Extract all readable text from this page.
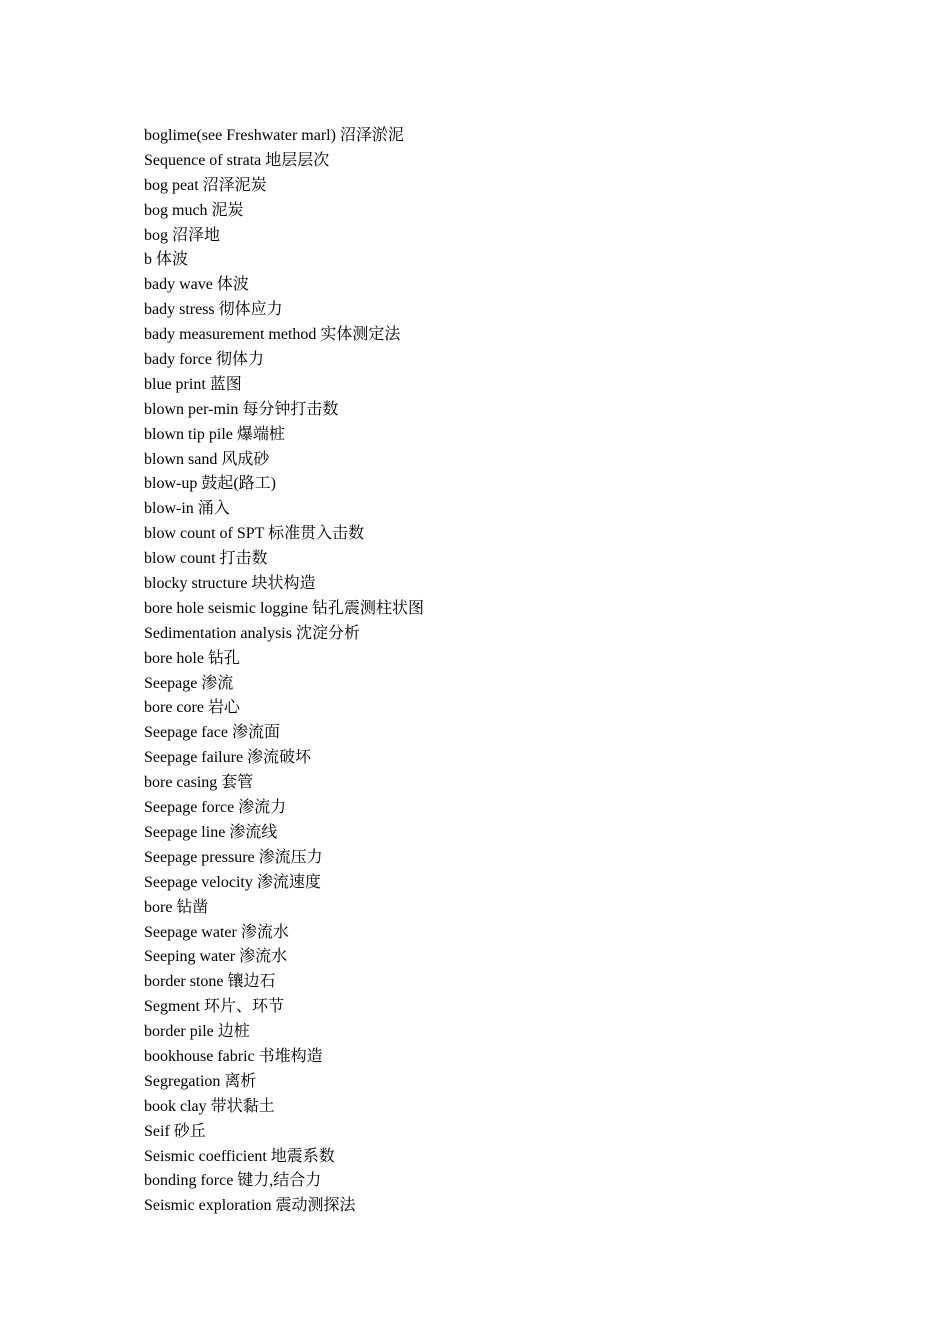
boglime(see Freshwater marl) 沼泽淤泥
Sequence of strata 地层层次
bog peat 沼泽泥炭
bog much 泥炭
bog 沼泽地
b 体波
bady wave 体波
bady stress 彻体应力
bady measurement method 实体测定法
bady force 彻体力
blue print 蓝图
blown per-min 每分钟打击数
blown tip pile 爆端桩
blown sand 风成砂
blow-up 鼓起(路工)
blow-in 涌入
blow count of SPT 标准贯入击数
blow count 打击数
blocky structure 块状构造
bore hole seismic loggine 钻孔震测柱状图
Sedimentation analysis 沈淀分析
bore hole 钻孔
Seepage 渗流
bore core 岩心
Seepage face 渗流面
Seepage failure 渗流破坏
bore casing 套管
Seepage force 渗流力
Seepage line 渗流线
Seepage pressure 渗流压力
Seepage velocity 渗流速度
bore 钻凿
Seepage water 渗流水
Seeping water 渗流水
border stone 镶边石
Segment 环片、环节
border pile 边桩
bookhouse fabric 书堆构造
Segregation 离析
book clay 带状黏土
Seif 砂丘
Seismic coefficient 地震系数
bonding force 键力,结合力
Seismic exploration 震动测探法
